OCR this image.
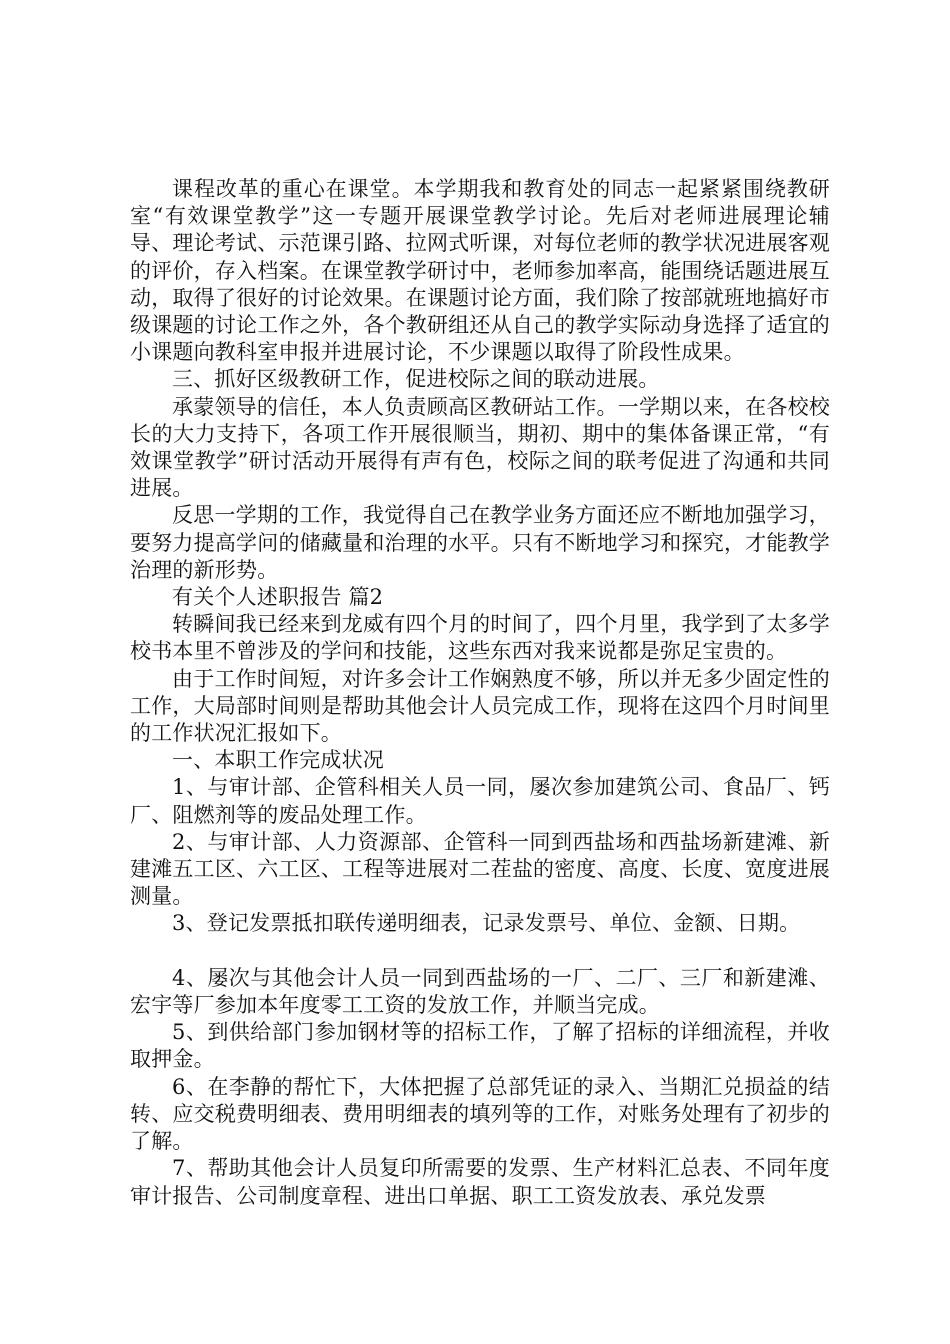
课程改革的重心在课堂。本学期我和教育处的同志一起紧紧围绕教研室“有效课堂教学”这一专题开展课堂教学讨论。先后对老师进展理论辅导、理论考试、示范课引路、拉网式听课，对每位老师的教学状况进展客观的评价，存入档案。在课堂教学研讨中，老师参加率高，能围绕话题进展互动，取得了很好的讨论效果。在课题讨论方面，我们除了按部就班地搞好市级课题的讨论工作之外，各个教研组还从自己的教学实际动身选择了适宜的小课题向教科室申报并进展讨论，不少课题以取得了阶段性成果。

三、抓好区级教研工作，促进校际之间的联动进展。

承蒙领导的信任，本人负责顾高区教研站工作。一学期以来，在各校校长的大力支持下，各项工作开展很顺当，期初、期中的集体备课正常，“有效课堂教学”研讨活动开展得有声有色，校际之间的联考促进了沟通和共同进展。

反思一学期的工作，我觉得自己在教学业务方面还应不断地加强学习，要努力提高学问的储藏量和治理的水平。只有不断地学习和探究，才能教学治理的新形势。

有关个人述职报告 篇2

转瞬间我已经来到龙威有四个月的时间了，四个月里，我学到了太多学校书本里不曾涉及的学问和技能，这些东西对我来说都是弥足宝贵的。

由于工作时间短，对许多会计工作娴熟度不够，所以并无多少固定性的工作，大局部时间则是帮助其他会计人员完成工作，现将在这四个月时间里的工作状况汇报如下。

一、本职工作完成状况

1、与审计部、企管科相关人员一同，屡次参加建筑公司、食品厂、钙厂、阻燃剂等的废品处理工作。

2、与审计部、人力资源部、企管科一同到西盐场和西盐场新建滩、新建滩五工区、六工区、工程等进展对二茬盐的密度、高度、长度、宽度进展测量。

3、登记发票抵扣联传递明细表，记录发票号、单位、金额、日期。

4、屡次与其他会计人员一同到西盐场的一厂、二厂、三厂和新建滩、宏宇等厂参加本年度零工工资的发放工作，并顺当完成。

5、到供给部门参加钢材等的招标工作，了解了招标的详细流程，并收取押金。

6、在李静的帮忙下，大体把握了总部凭证的录入、当期汇兑损益的结转、应交税费明细表、费用明细表的填列等的工作，对账务处理有了初步的了解。

7、帮助其他会计人员复印所需要的发票、生产材料汇总表、不同年度审计报告、公司制度章程、进出口单据、职工工资发放表、承兑发票
